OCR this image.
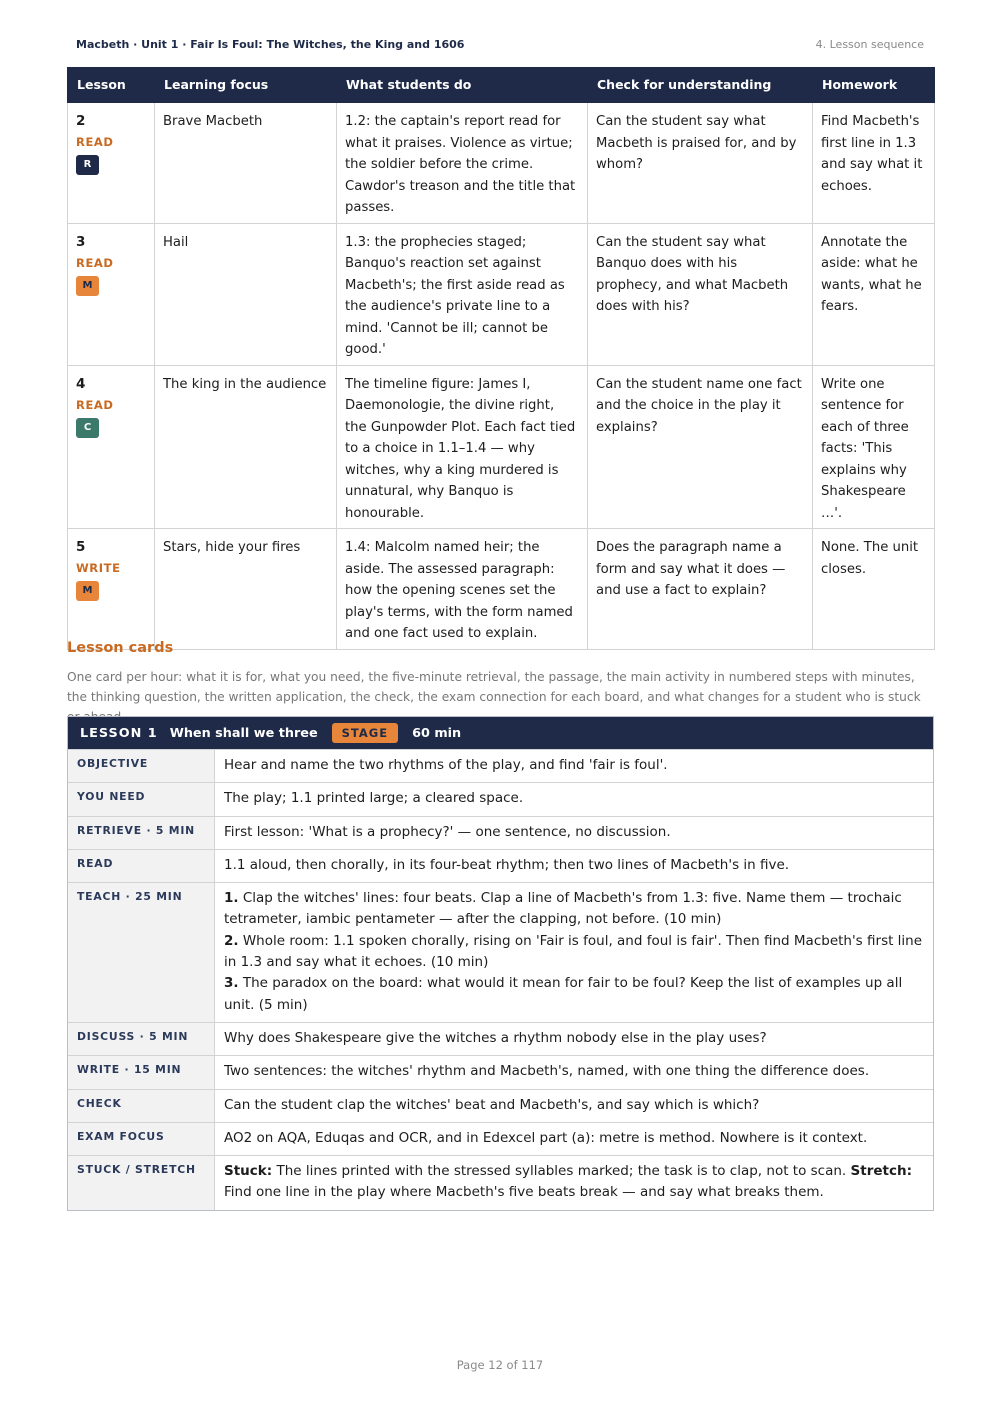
Macbeth · Unit 1 · Fair Is Foul: The Witches, the King and 1606	4. Lesson sequence
Lesson	Learning focus	What students do	Check for understanding	Homework

2
READ
R	Brave Macbeth	1.2: the captain's report read for what it praises. Violence as virtue; the soldier before the crime. Cawdor's treason and the title that passes.	Can the student say what Macbeth is praised for, and by whom?	Find Macbeth's first line in 1.3 and say what it echoes.

3
READ
M	Hail	1.3: the prophecies staged; Banquo's reaction set against Macbeth's; the first aside read as the audience's private line to a mind. 'Cannot be ill; cannot be good.'	Can the student say what Banquo does with his prophecy, and what Macbeth does with his?	Annotate the aside: what he wants, what he fears.

4
READ
C	The king in the audience	The timeline figure: James I, Daemonologie, the divine right, the Gunpowder Plot. Each fact tied to a choice in 1.1–1.4 — why witches, why a king murdered is unnatural, why Banquo is honourable.	Can the student name one fact and the choice in the play it explains?	Write one sentence for each of three facts: 'This explains why Shakespeare …'.

5
WRITE
M	Stars, hide your fires	1.4: Malcolm named heir; the aside. The assessed paragraph: how the opening scenes set the play's terms, with the form named and one fact used to explain.	Does the paragraph name a form and say what it does — and use a fact to explain?	None. The unit closes.
Lesson cards
One card per hour: what it is for, what you need, the five-minute retrieval, the passage, the main activity in numbered steps with minutes, the thinking question, the written application, the check, the exam connection for each board, and what changes for a student who is stuck
LESSON 1 When shall we three	STAGE	60 min
OBJECTIVE	Hear and name the two rhythms of the play, and find 'fair is foul'.
YOU NEED	The play; 1.1 printed large; a cleared space.
RETRIEVE · 5 MIN	First lesson: 'What is a prophecy?' — one sentence, no discussion.
READ	1.1 aloud, then chorally, in its four-beat rhythm; then two lines of Macbeth's in five.
TEACH · 25 MIN	1. Clap the witches' lines: four beats. Clap a line of Macbeth's from 1.3: five. Name them — trochaic tetrameter, iambic pentameter — after the clapping, not before. (10 min)
2. Whole room: 1.1 spoken chorally, rising on 'Fair is foul, and foul is fair'. Then find Macbeth's first line in 1.3 and say what it echoes. (10 min)
3. The paradox on the board: what would it mean for fair to be foul? Keep the list of examples up all unit. (5 min)
DISCUSS · 5 MIN	Why does Shakespeare give the witches a rhythm nobody else in the play uses?
WRITE · 15 MIN	Two sentences: the witches' rhythm and Macbeth's, named, with one thing the difference does.
CHECK	Can the student clap the witches' beat and Macbeth's, and say which is which?
EXAM FOCUS	AO2 on AQA, Eduqas and OCR, and in Edexcel part (a): metre is method. Nowhere is it context.
STUCK / STRETCH	Stuck: The lines printed with the stressed syllables marked; the task is to clap, not to scan. Stretch: Find one line in the play where Macbeth's five beats break — and say what breaks them.
Page 12 of 117
